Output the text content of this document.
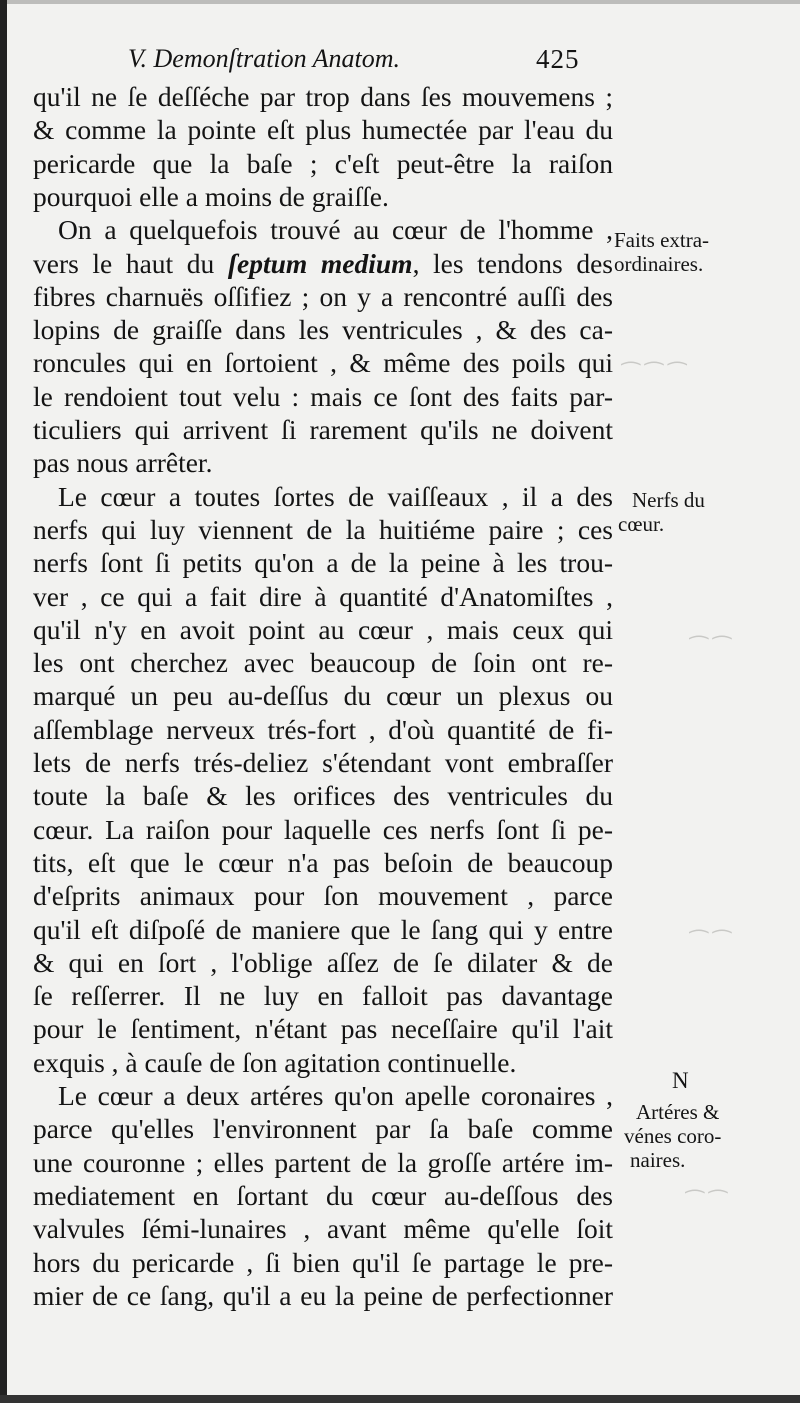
⁀ ⁀ ⁀
⁀ ⁀
⁀ ⁀
⁀ ⁀
V. Demonſtration Anatom.	425
qu'il ne ſe deſſéche par trop dans ſes mouvemens ;
& comme la pointe eſt plus humectée par l'eau du
pericarde que la baſe ; c'eſt peut-être la raiſon
pourquoi elle a moins de graiſſe.
On a quelquefois trouvé au cœur de l'homme ,
vers le haut du ſeptum medium, les tendons des
fibres charnuës oſſifiez ; on y a rencontré auſſi des
lopins de graiſſe dans les ventricules , & des ca-
roncules qui en ſortoient , & même des poils qui
le rendoient tout velu : mais ce ſont des faits par-
ticuliers qui arrivent ſi rarement qu'ils ne doivent
pas nous arrêter.
Le cœur a toutes ſortes de vaiſſeaux , il a des
nerfs qui luy viennent de la huitiéme paire ; ces
nerfs ſont ſi petits qu'on a de la peine à les trou-
ver , ce qui a fait dire à quantité d'Anatomiſtes ,
qu'il n'y en avoit point au cœur , mais ceux qui
les ont cherchez avec beaucoup de ſoin ont re-
marqué un peu au-deſſus du cœur un plexus ou
aſſemblage nerveux trés-fort , d'où quantité de fi-
lets de nerfs trés-deliez s'étendant vont embraſſer
toute la baſe & les orifices des ventricules du
cœur. La raiſon pour laquelle ces nerfs ſont ſi pe-
tits, eſt que le cœur n'a pas beſoin de beaucoup
d'eſprits animaux pour ſon mouvement , parce
qu'il eſt diſpoſé de maniere que le ſang qui y entre
& qui en ſort , l'oblige aſſez de ſe dilater & de
ſe reſſerrer. Il ne luy en falloit pas davantage
pour le ſentiment, n'étant pas neceſſaire qu'il l'ait
exquis , à cauſe de ſon agitation continuelle.
Le cœur a deux artéres qu'on apelle coronaires ,
parce qu'elles l'environnent par ſa baſe comme
une couronne ; elles partent de la groſſe artére im-
mediatement en ſortant du cœur au-deſſous des
valvules ſémi-lunaires , avant même qu'elle ſoit
hors du pericarde , ſi bien qu'il ſe partage le pre-
mier de ce ſang, qu'il a eu la peine de perfectionner
Faits extra-
ordinaires.
Nerfs du
cœur.
Artéres &
vénes coro-
naires.
N
